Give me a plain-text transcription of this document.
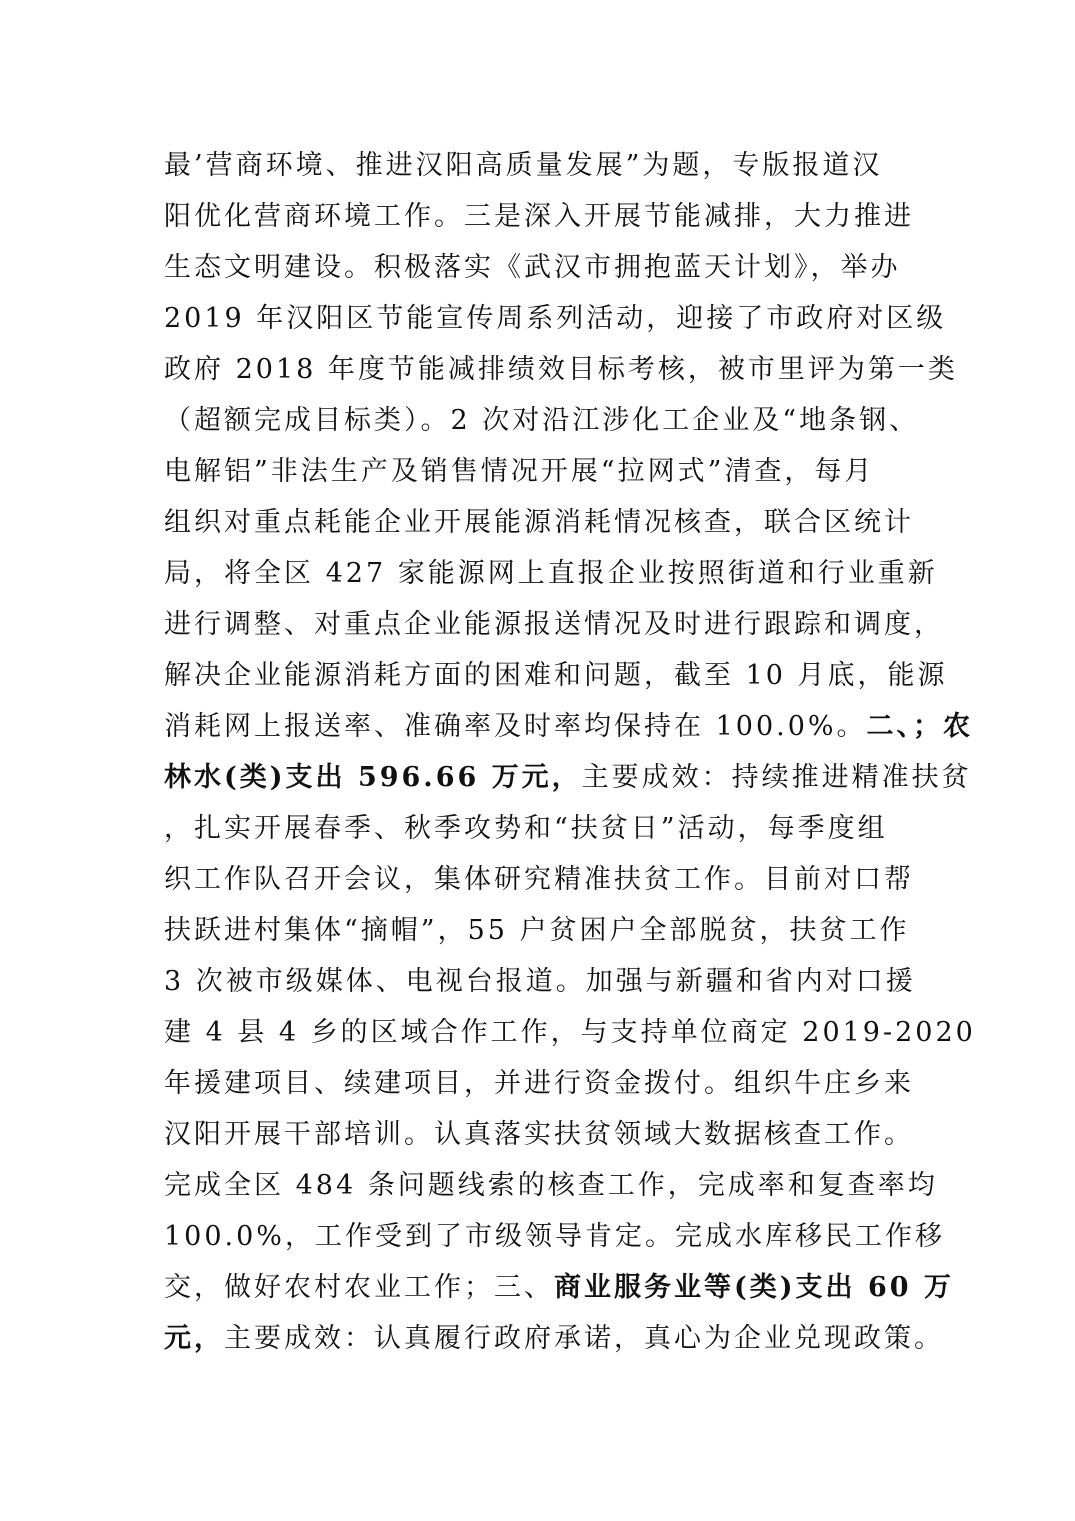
最’营商环境、推进汉阳高质量发展”为题，专版报道汉
阳优化营商环境工作。三是深入开展节能减排，大力推进
生态文明建设。积极落实《武汉市拥抱蓝天计划》，举办
2019 年汉阳区节能宣传周系列活动，迎接了市政府对区级
政府 2018 年度节能减排绩效目标考核，被市里评为第一类
（超额完成目标类）。2 次对沿江涉化工企业及“地条钢、
电解铝”非法生产及销售情况开展“拉网式”清查，每月
组织对重点耗能企业开展能源消耗情况核查，联合区统计
局，将全区 427 家能源网上直报企业按照街道和行业重新
进行调整、对重点企业能源报送情况及时进行跟踪和调度，
解决企业能源消耗方面的困难和问题，截至 10 月底，能源
消耗网上报送率、准确率及时率均保持在 100.0%。二、；农
林水(类)支出 596.66 万元，主要成效：持续推进精准扶贫
，扎实开展春季、秋季攻势和“扶贫日”活动，每季度组
织工作队召开会议，集体研究精准扶贫工作。目前对口帮
扶跃进村集体“摘帽”，55 户贫困户全部脱贫，扶贫工作
3 次被市级媒体、电视台报道。加强与新疆和省内对口援
建 4 县 4 乡的区域合作工作，与支持单位商定 2019-2020
年援建项目、续建项目，并进行资金拨付。组织牛庄乡来
汉阳开展干部培训。认真落实扶贫领域大数据核查工作。
完成全区 484 条问题线索的核查工作，完成率和复查率均
100.0%，工作受到了市级领导肯定。完成水库移民工作移
交，做好农村农业工作；三、商业服务业等(类)支出 60 万
元，主要成效：认真履行政府承诺，真心为企业兑现政策。
